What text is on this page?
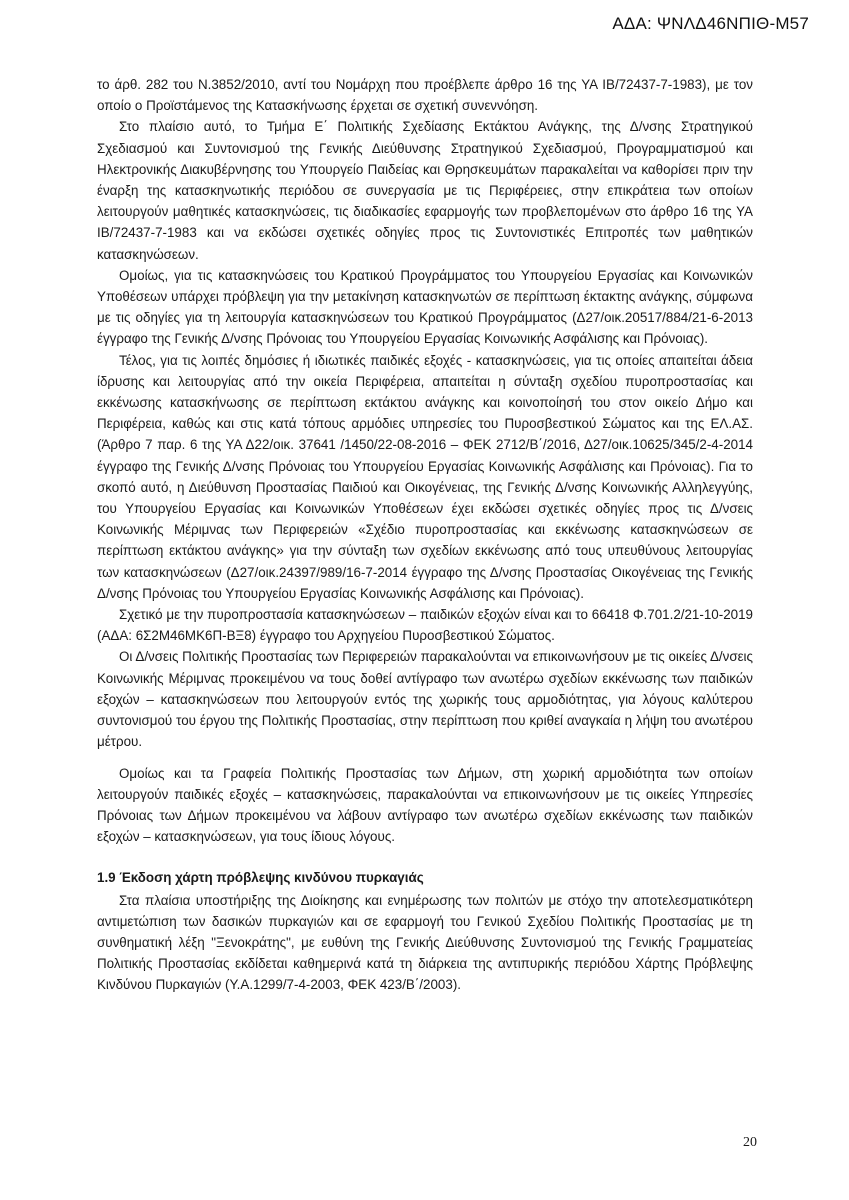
ΑΔΑ: ΨΝΛΔ46ΝΠΙΘ-Μ57

το άρθ. 282 του Ν.3852/2010, αντί του Νομάρχη που προέβλεπε άρθρο 16 της ΥΑ ΙΒ/72437-7-1983), με τον οποίο ο Προϊστάμενος της Κατασκήνωσης έρχεται σε σχετική συνεννόηση.

Στο πλαίσιο αυτό, το Τμήμα Ε΄ Πολιτικής Σχεδίασης Εκτάκτου Ανάγκης, της Δ/νσης Στρατηγικού Σχεδιασμού και Συντονισμού της Γενικής Διεύθυνσης Στρατηγικού Σχεδιασμού, Προγραμματισμού και Ηλεκτρονικής Διακυβέρνησης του Υπουργείο Παιδείας και Θρησκευμάτων παρακαλείται να καθορίσει πριν την έναρξη της κατασκηνωτικής περιόδου σε συνεργασία με τις Περιφέρειες, στην επικράτεια των οποίων λειτουργούν μαθητικές κατασκηνώσεις, τις διαδικασίες εφαρμογής των προβλεπομένων στο άρθρο 16 της ΥΑ ΙΒ/72437-7-1983 και να εκδώσει σχετικές οδηγίες προς τις Συντονιστικές Επιτροπές των μαθητικών κατασκηνώσεων.

Ομοίως, για τις κατασκηνώσεις του Κρατικού Προγράμματος του Υπουργείου Εργασίας και Κοινωνικών Υποθέσεων υπάρχει πρόβλεψη για την μετακίνηση κατασκηνωτών σε περίπτωση έκτακτης ανάγκης, σύμφωνα με τις οδηγίες για τη λειτουργία κατασκηνώσεων του Κρατικού Προγράμματος (Δ27/οικ.20517/884/21-6-2013 έγγραφο της Γενικής Δ/νσης Πρόνοιας του Υπουργείου Εργασίας Κοινωνικής Ασφάλισης και Πρόνοιας).

Τέλος, για τις λοιπές δημόσιες ή ιδιωτικές παιδικές εξοχές - κατασκηνώσεις, για τις οποίες απαιτείται άδεια ίδρυσης και λειτουργίας από την οικεία Περιφέρεια, απαιτείται η σύνταξη σχεδίου πυροπροστασίας και εκκένωσης κατασκήνωσης σε περίπτωση εκτάκτου ανάγκης και κοινοποίησή του στον οικείο Δήμο και Περιφέρεια, καθώς και στις κατά τόπους αρμόδιες υπηρεσίες του Πυροσβεστικού Σώματος και της ΕΛ.ΑΣ. (Άρθρο 7 παρ. 6 της ΥΑ Δ22/οικ. 37641 /1450/22-08-2016 – ΦΕΚ 2712/Β΄/2016, Δ27/οικ.10625/345/2-4-2014 έγγραφο της Γενικής Δ/νσης Πρόνοιας του Υπουργείου Εργασίας Κοινωνικής Ασφάλισης και Πρόνοιας). Για το σκοπό αυτό, η Διεύθυνση Προστασίας Παιδιού και Οικογένειας, της Γενικής Δ/νσης Κοινωνικής Αλληλεγγύης, του Υπουργείου Εργασίας και Κοινωνικών Υποθέσεων έχει εκδώσει σχετικές οδηγίες προς τις Δ/νσεις Κοινωνικής Μέριμνας των Περιφερειών «Σχέδιο πυροπροστασίας και εκκένωσης κατασκηνώσεων σε περίπτωση εκτάκτου ανάγκης» για την σύνταξη των σχεδίων εκκένωσης από τους υπευθύνους λειτουργίας των κατασκηνώσεων (Δ27/οικ.24397/989/16-7-2014 έγγραφο της Δ/νσης Προστασίας Οικογένειας της Γενικής Δ/νσης Πρόνοιας του Υπουργείου Εργασίας Κοινωνικής Ασφάλισης και Πρόνοιας).

Σχετικό με την πυροπροστασία κατασκηνώσεων – παιδικών εξοχών είναι και το 66418 Φ.701.2/21-10-2019 (ΑΔΑ: 6Σ2Μ46ΜΚ6Π-ΒΞ8) έγγραφο του Αρχηγείου Πυροσβεστικού Σώματος.

Οι Δ/νσεις Πολιτικής Προστασίας των Περιφερειών παρακαλούνται να επικοινωνήσουν με τις οικείες Δ/νσεις Κοινωνικής Μέριμνας προκειμένου να τους δοθεί αντίγραφο των ανωτέρω σχεδίων εκκένωσης των παιδικών εξοχών – κατασκηνώσεων που λειτουργούν εντός της χωρικής τους αρμοδιότητας, για λόγους καλύτερου συντονισμού του έργου της Πολιτικής Προστασίας, στην περίπτωση που κριθεί αναγκαία η λήψη του ανωτέρου μέτρου.

Ομοίως και τα Γραφεία Πολιτικής Προστασίας των Δήμων, στη χωρική αρμοδιότητα των οποίων λειτουργούν παιδικές εξοχές – κατασκηνώσεις, παρακαλούνται να επικοινωνήσουν με τις οικείες Υπηρεσίες Πρόνοιας των Δήμων προκειμένου να λάβουν αντίγραφο των ανωτέρω σχεδίων εκκένωσης των παιδικών εξοχών – κατασκηνώσεων, για τους ίδιους λόγους.

1.9 Έκδοση χάρτη πρόβλεψης κινδύνου πυρκαγιάς

Στα πλαίσια υποστήριξης της Διοίκησης και ενημέρωσης των πολιτών με στόχο την αποτελεσματικότερη αντιμετώπιση των δασικών πυρκαγιών και σε εφαρμογή του Γενικού Σχεδίου Πολιτικής Προστασίας με τη συνθηματική λέξη "Ξενοκράτης", με ευθύνη της Γενικής Διεύθυνσης Συντονισμού της Γενικής Γραμματείας Πολιτικής Προστασίας εκδίδεται καθημερινά κατά τη διάρκεια της αντιπυρικής περιόδου Χάρτης Πρόβλεψης Κινδύνου Πυρκαγιών (Υ.Α.1299/7-4-2003, ΦΕΚ 423/Β΄/2003).

20
